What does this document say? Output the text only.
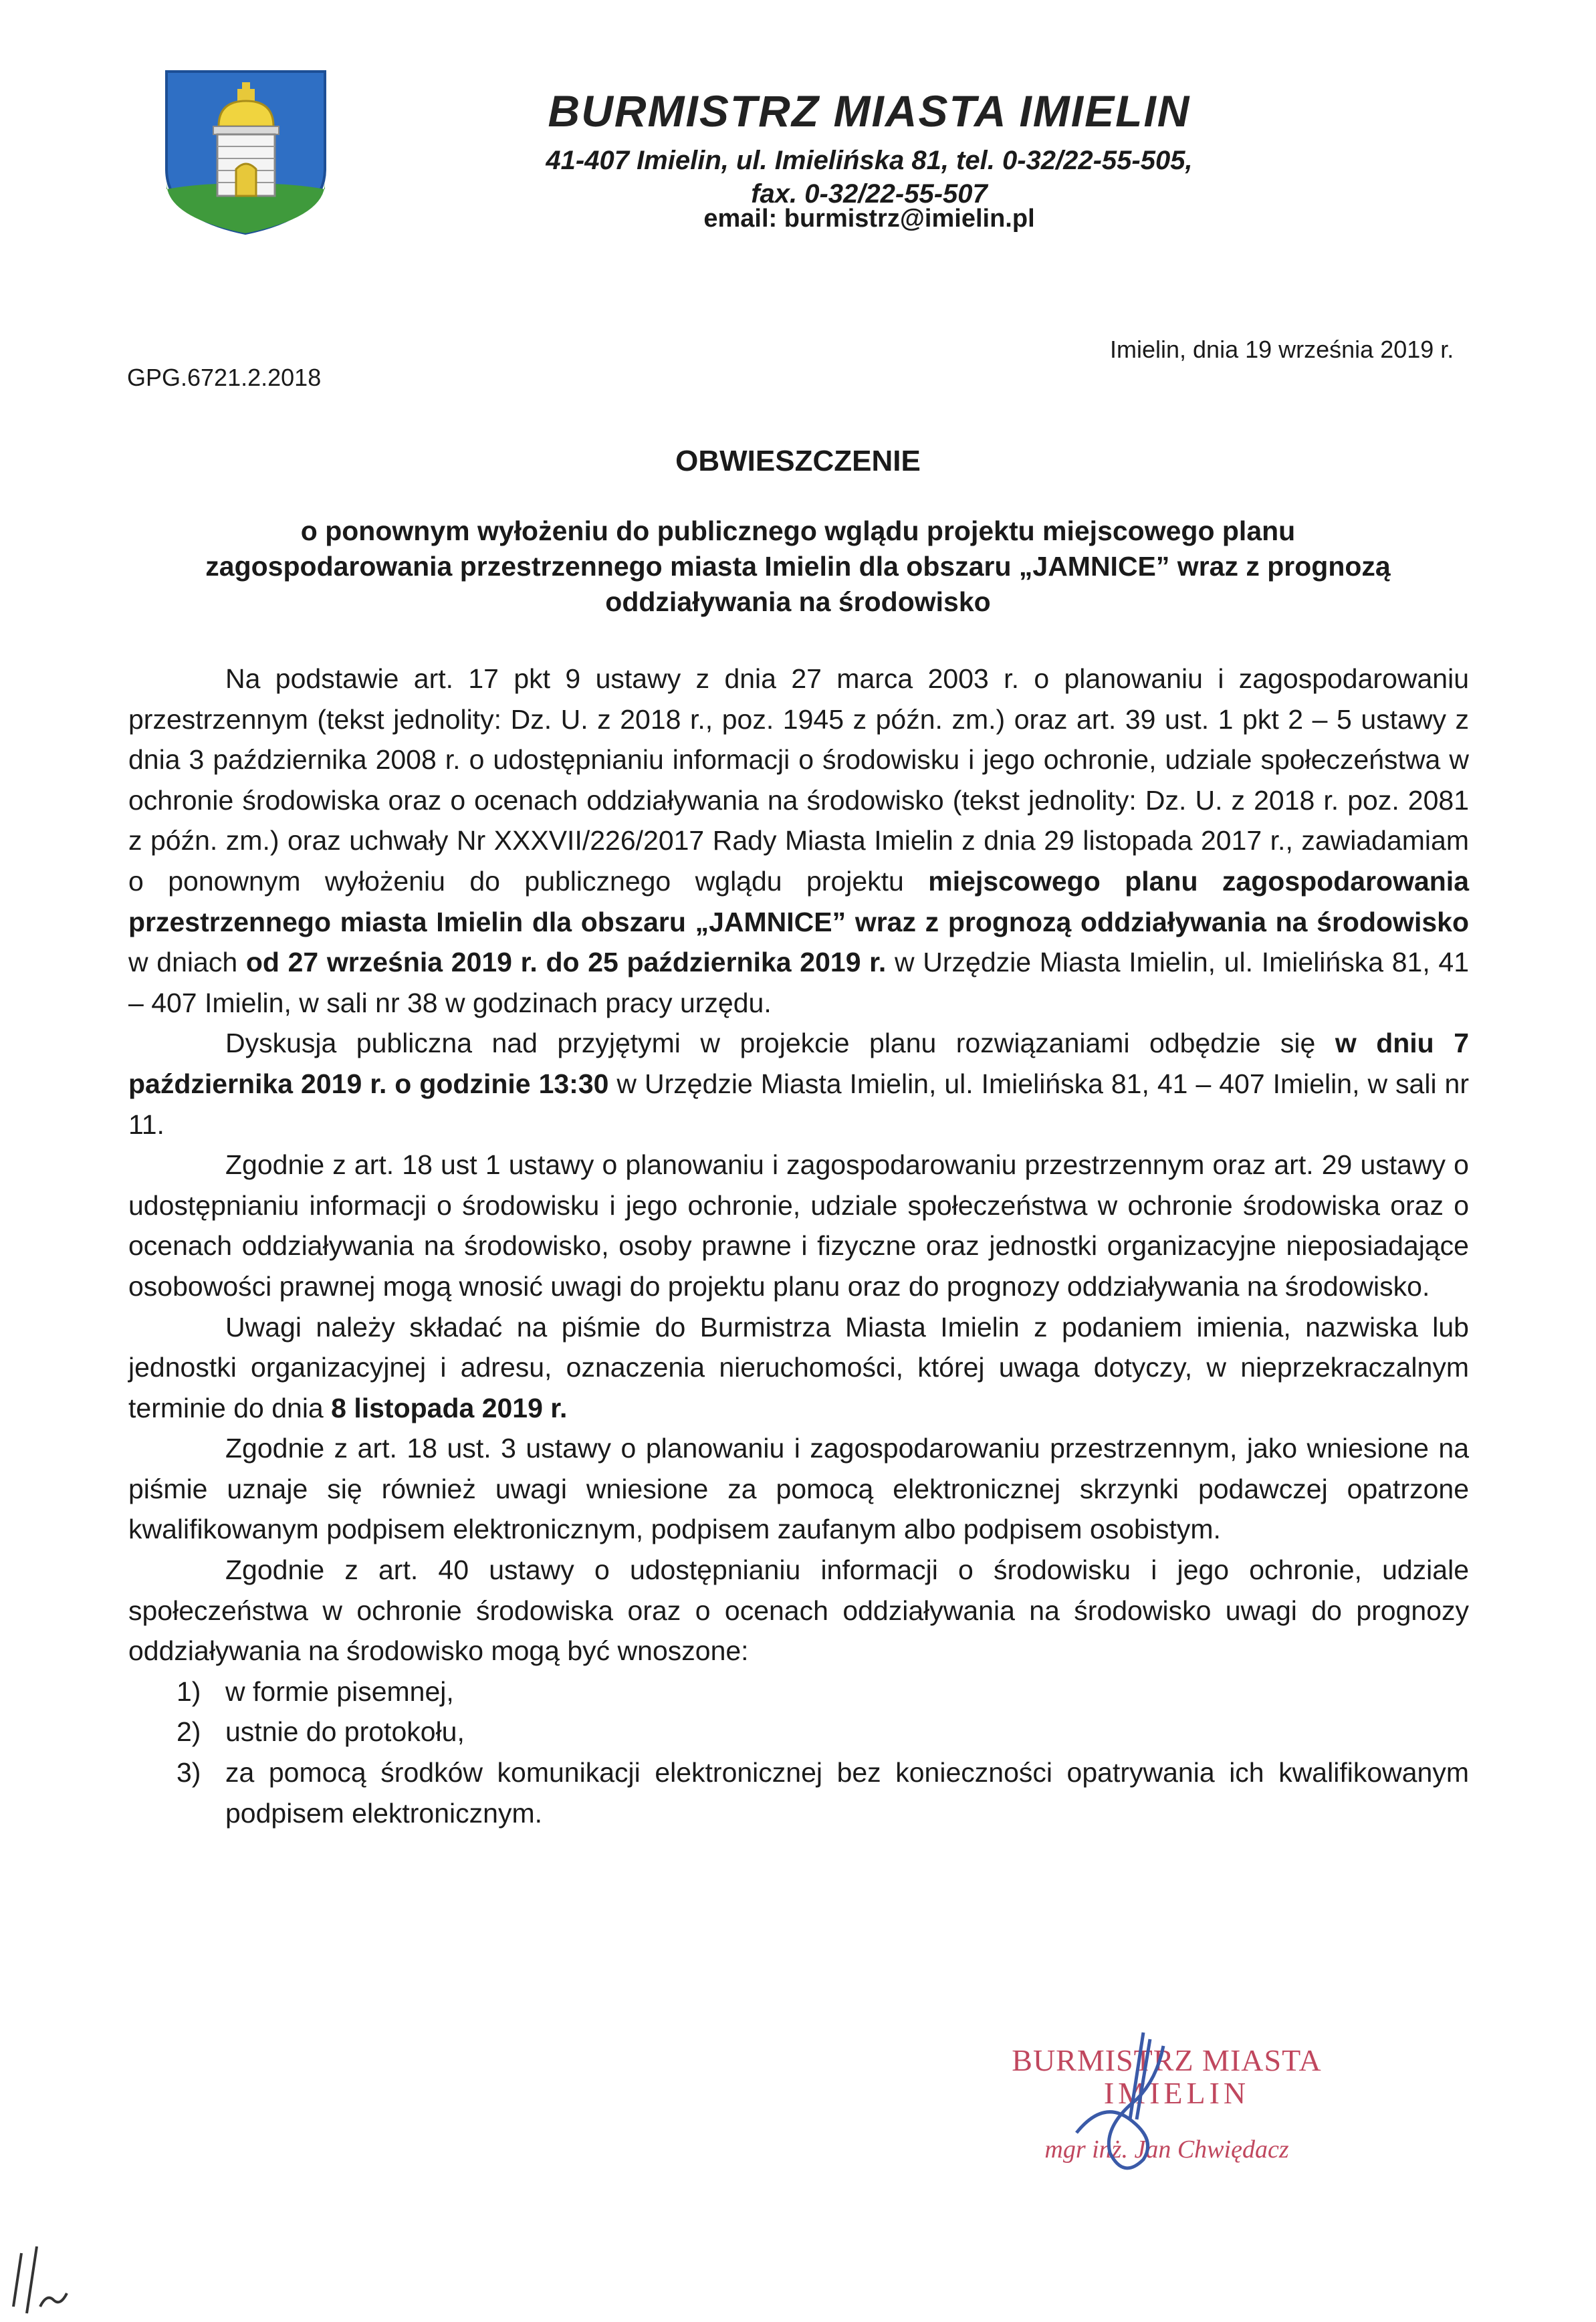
BURMISTRZ MIASTA IMIELIN
41-407 Imielin, ul. Imielińska 81, tel. 0-32/22-55-505,
fax. 0-32/22-55-507
email: burmistrz@imielin.pl
GPG.6721.2.2018
Imielin, dnia 19 września 2019 r.
OBWIESZCZENIE
o ponownym wyłożeniu do publicznego wglądu projektu miejscowego planu zagospodarowania przestrzennego miasta Imielin dla obszaru „JAMNICE” wraz z prognozą oddziaływania na środowisko

Na podstawie art. 17 pkt 9 ustawy z dnia 27 marca 2003 r. o planowaniu i zagospodarowaniu przestrzennym (tekst jednolity: Dz. U. z 2018 r., poz. 1945 z późn. zm.) oraz art. 39 ust. 1 pkt 2 – 5 ustawy z dnia 3 października 2008 r. o udostępnianiu informacji o środowisku i jego ochronie, udziale społeczeństwa w ochronie środowiska oraz o ocenach oddziaływania na środowisko (tekst jednolity: Dz. U. z 2018 r. poz. 2081 z późn. zm.) oraz uchwały Nr XXXVII/226/2017 Rady Miasta Imielin z dnia 29 listopada 2017 r., zawiadamiam o ponownym wyłożeniu do publicznego wglądu projektu miejscowego planu zagospodarowania przestrzennego miasta Imielin dla obszaru „JAMNICE” wraz z prognozą oddziaływania na środowisko w dniach od 27 września 2019 r. do 25 października 2019 r. w Urzędzie Miasta Imielin, ul. Imielińska 81, 41 – 407 Imielin, w sali nr 38 w godzinach pracy urzędu.

Dyskusja publiczna nad przyjętymi w projekcie planu rozwiązaniami odbędzie się w dniu 7 października 2019 r. o godzinie 13:30 w Urzędzie Miasta Imielin, ul. Imielińska 81, 41 – 407 Imielin, w sali nr 11.

Zgodnie z art. 18 ust 1 ustawy o planowaniu i zagospodarowaniu przestrzennym oraz art. 29 ustawy o udostępnianiu informacji o środowisku i jego ochronie, udziale społeczeństwa w ochronie środowiska oraz o ocenach oddziaływania na środowisko, osoby prawne i fizyczne oraz jednostki organizacyjne nieposiadające osobowości prawnej mogą wnosić uwagi do projektu planu oraz do prognozy oddziaływania na środowisko.

Uwagi należy składać na piśmie do Burmistrza Miasta Imielin z podaniem imienia, nazwiska lub jednostki organizacyjnej i adresu, oznaczenia nieruchomości, której uwaga dotyczy, w nieprzekraczalnym terminie do dnia 8 listopada 2019 r.

Zgodnie z art. 18 ust. 3 ustawy o planowaniu i zagospodarowaniu przestrzennym, jako wniesione na piśmie uznaje się również uwagi wniesione za pomocą elektronicznej skrzynki podawczej opatrzone kwalifikowanym podpisem elektronicznym, podpisem zaufanym albo podpisem osobistym.

Zgodnie z art. 40 ustawy o udostępnianiu informacji o środowisku i jego ochronie, udziale społeczeństwa w ochronie środowiska oraz o ocenach oddziaływania na środowisko uwagi do prognozy oddziaływania na środowisko mogą być wnoszone:

1) w formie pisemnej,
2) ustnie do protokołu,
3) za pomocą środków komunikacji elektronicznej bez konieczności opatrywania ich kwalifikowanym podpisem elektronicznym.
BURMISTRZ MIASTA
IMIELIN
mgr inż. Jan Chwiędacz
